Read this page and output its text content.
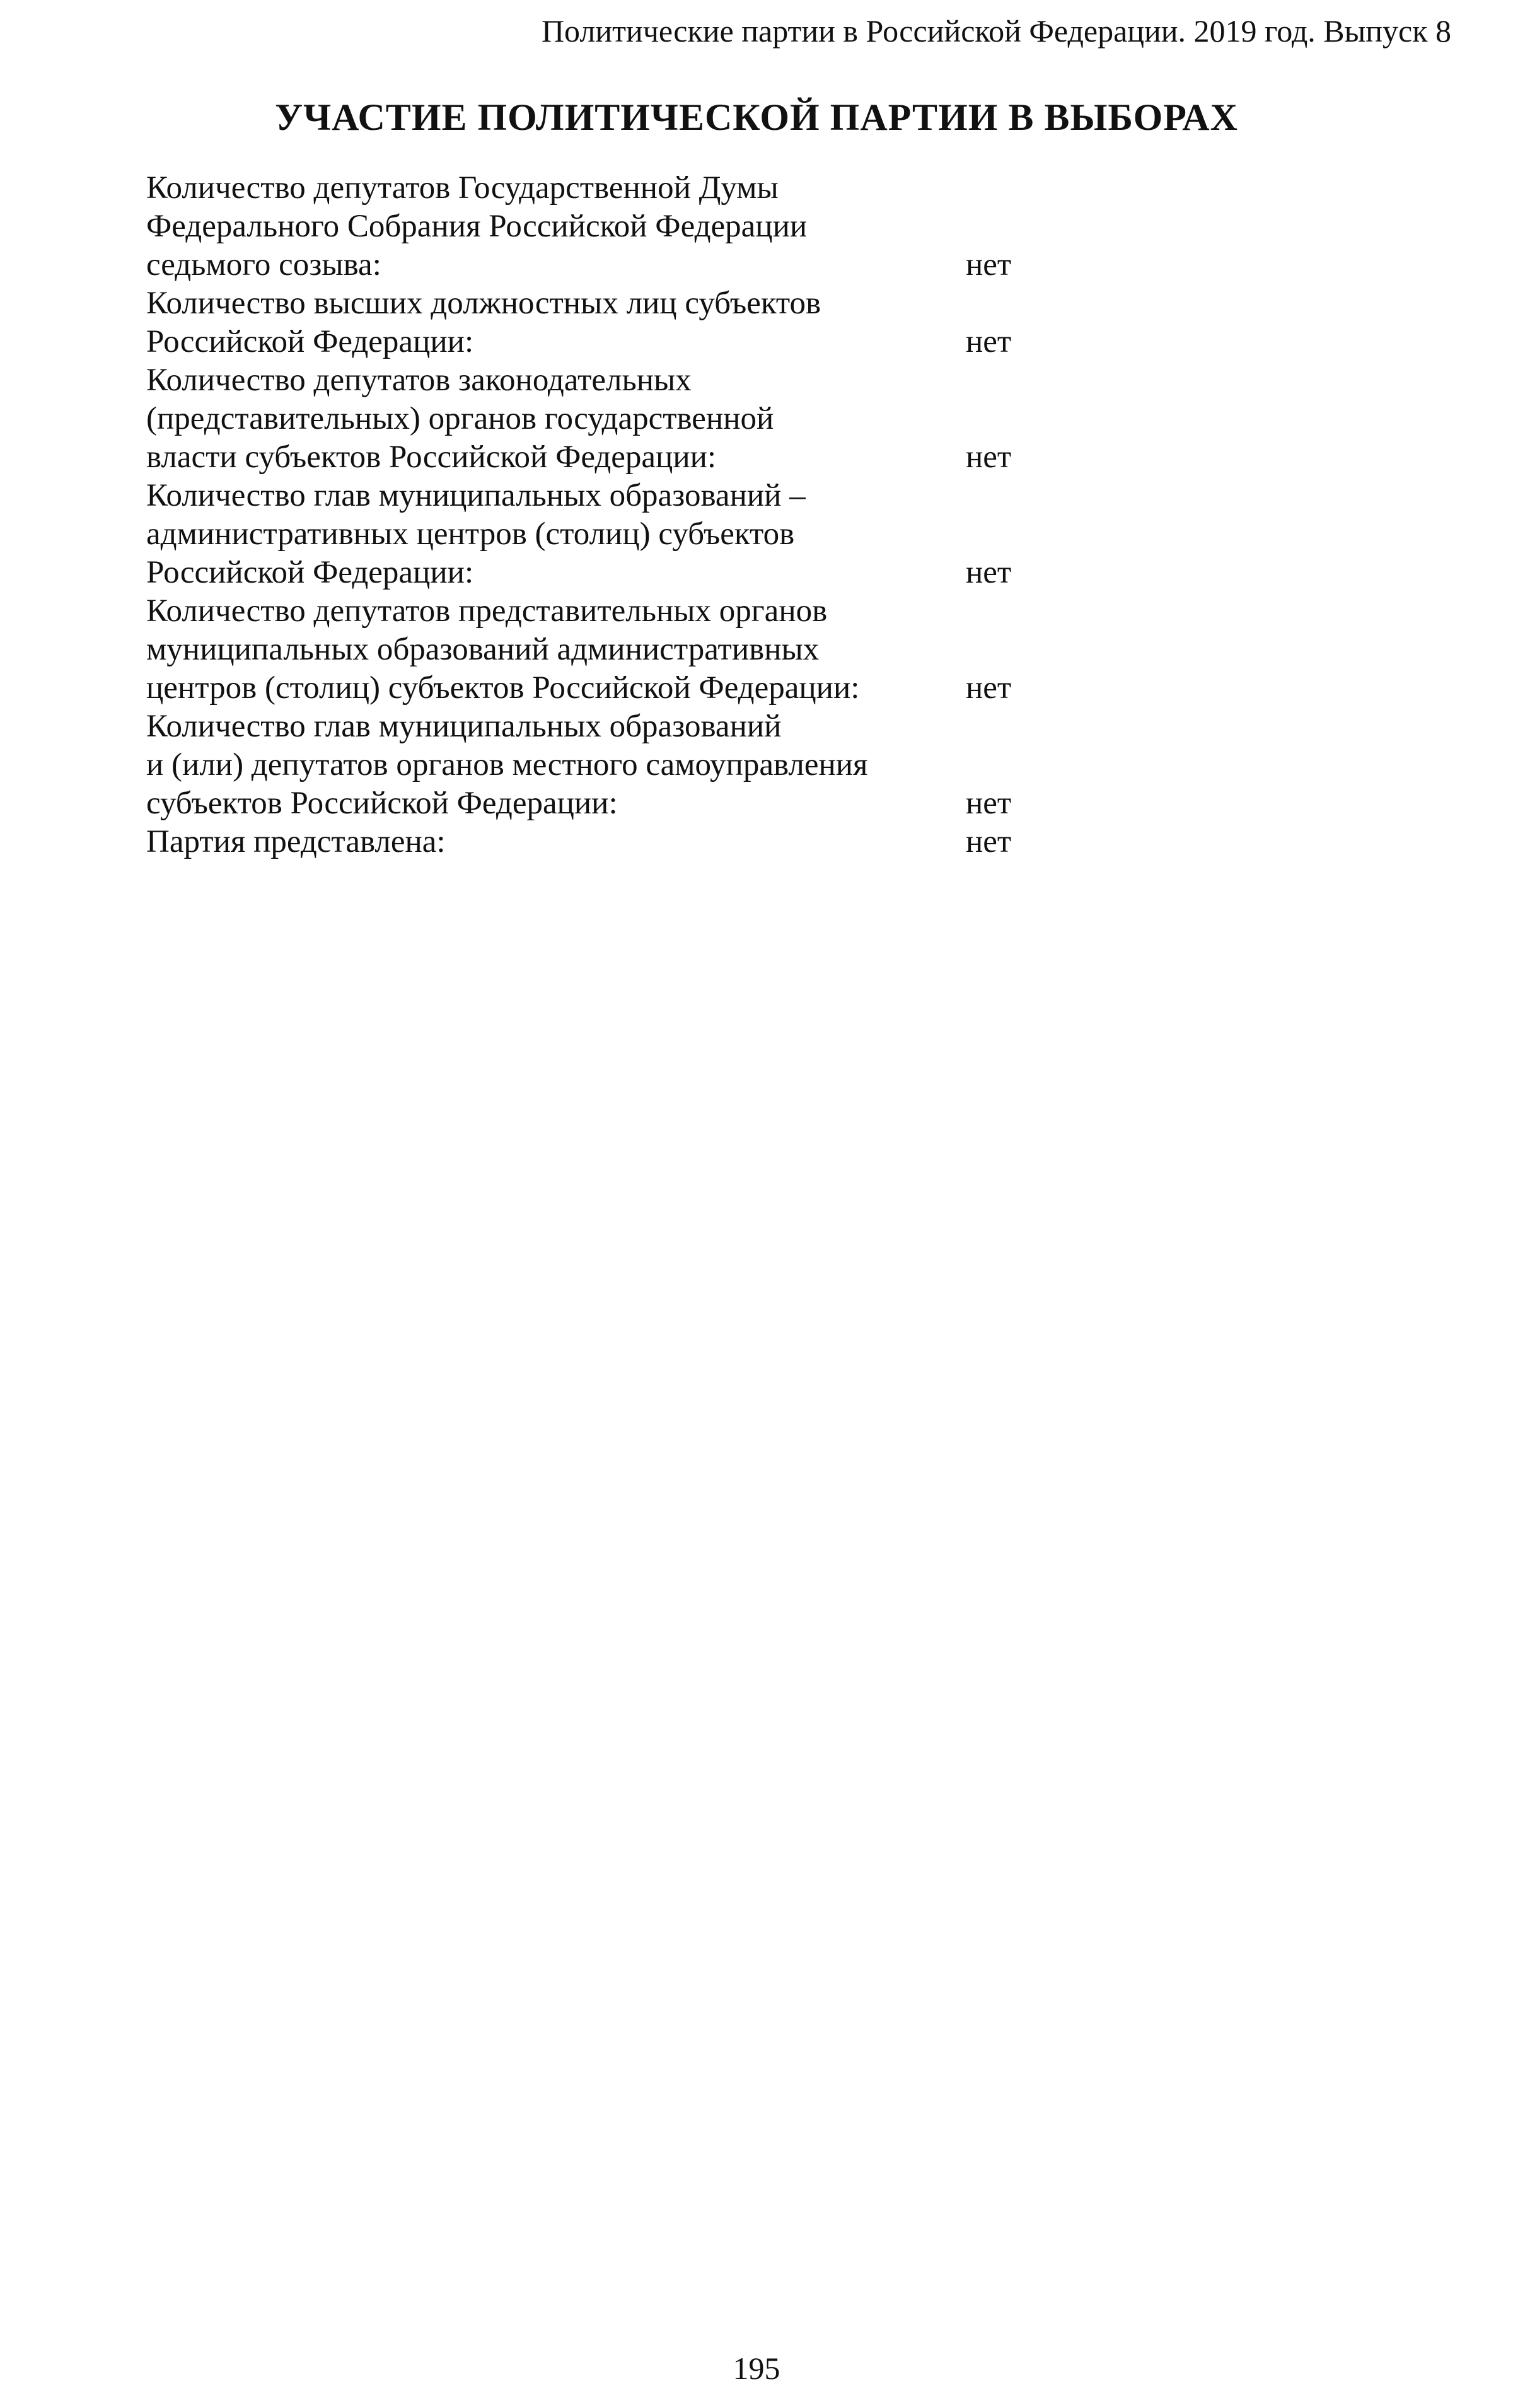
Политические партии в Российской Федерации. 2019 год. Выпуск 8
УЧАСТИЕ ПОЛИТИЧЕСКОЙ ПАРТИИ В ВЫБОРАХ
Количество депутатов Государственной Думы
Федерального Собрания Российской Федерации
седьмого созыва:	нет
Количество высших должностных лиц субъектов
Российской Федерации:	нет
Количество депутатов законодательных
(представительных) органов государственной
власти субъектов Российской Федерации:	нет
Количество глав муниципальных образований –
административных центров (столиц) субъектов
Российской Федерации:	нет
Количество депутатов представительных органов
муниципальных образований административных
центров (столиц) субъектов Российской Федерации:	нет
Количество глав муниципальных образований
и (или) депутатов органов местного самоуправления
субъектов Российской Федерации:	нет
Партия представлена:	нет
195
